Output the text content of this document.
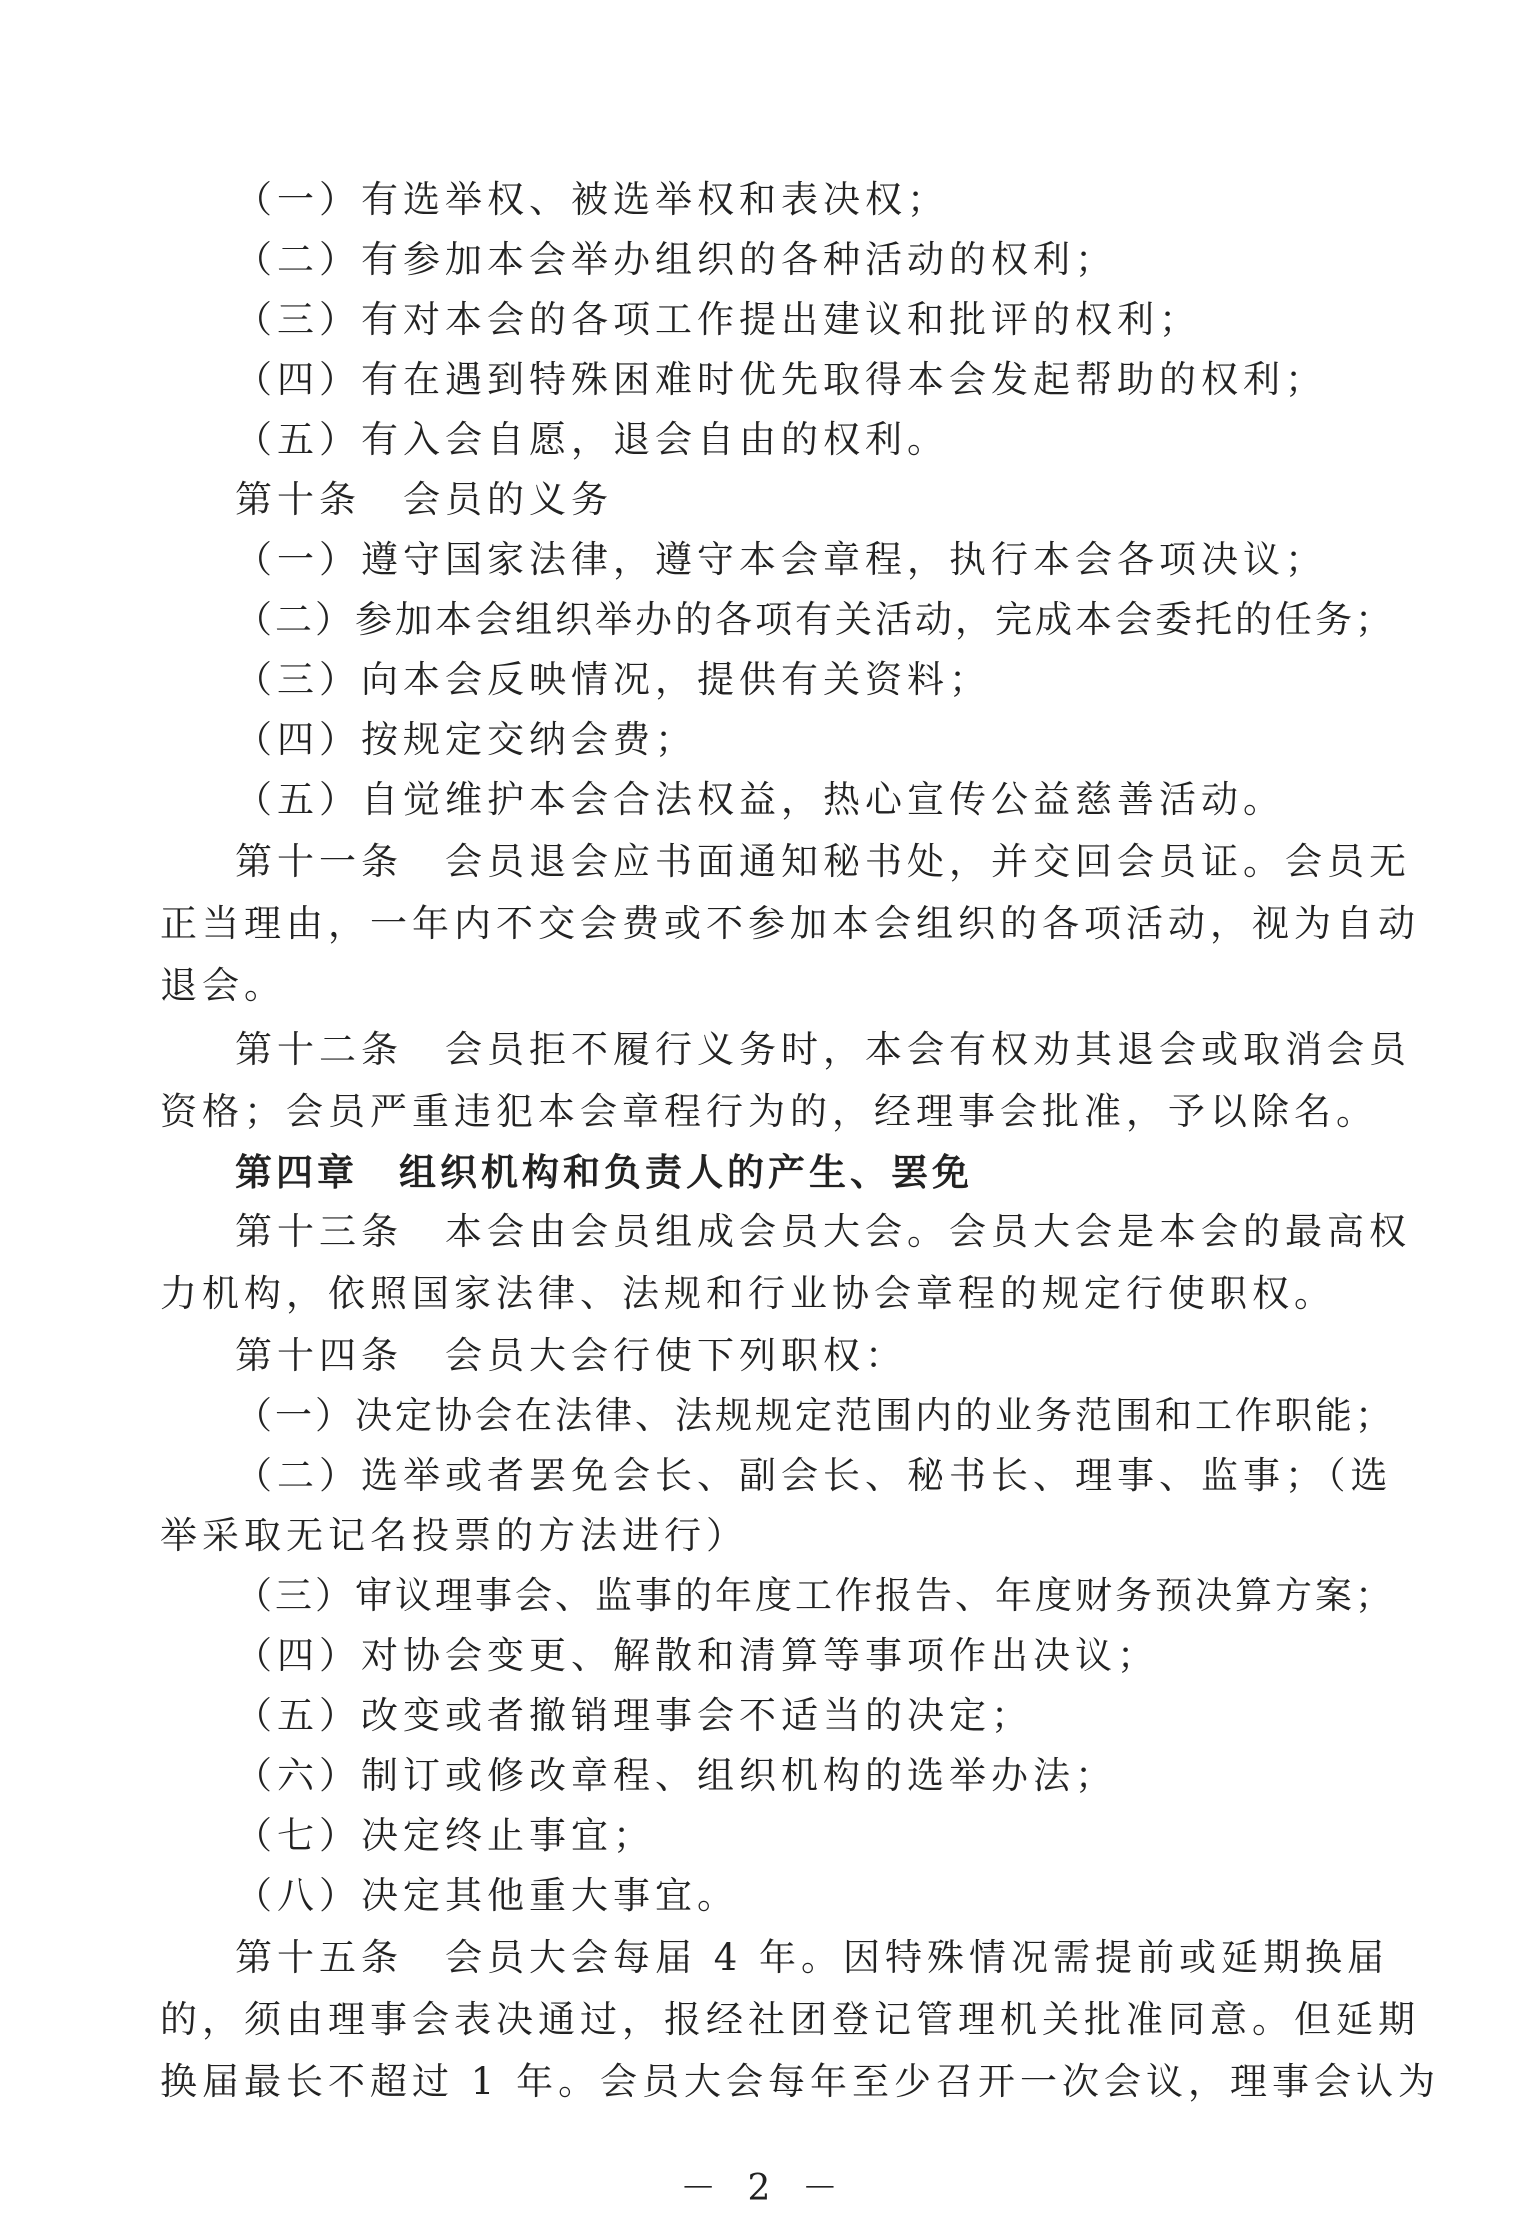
（一）有选举权、被选举权和表决权；
（二）有参加本会举办组织的各种活动的权利；
（三）有对本会的各项工作提出建议和批评的权利；
（四）有在遇到特殊困难时优先取得本会发起帮助的权利；
（五）有入会自愿，退会自由的权利。
第十条　会员的义务
（一）遵守国家法律，遵守本会章程，执行本会各项决议；
（二）参加本会组织举办的各项有关活动，完成本会委托的任务；
（三）向本会反映情况，提供有关资料；
（四）按规定交纳会费；
（五）自觉维护本会合法权益，热心宣传公益慈善活动。
第十一条　会员退会应书面通知秘书处，并交回会员证。会员无
正当理由，一年内不交会费或不参加本会组织的各项活动，视为自动
退会。
第十二条　会员拒不履行义务时，本会有权劝其退会或取消会员
资格；会员严重违犯本会章程行为的，经理事会批准，予以除名。
第四章　组织机构和负责人的产生、罢免
第十三条　本会由会员组成会员大会。会员大会是本会的最高权
力机构，依照国家法律、法规和行业协会章程的规定行使职权。
第十四条　会员大会行使下列职权：
（一）决定协会在法律、法规规定范围内的业务范围和工作职能；
（二）选举或者罢免会长、副会长、秘书长、理事、监事；（选
举采取无记名投票的方法进行）
（三）审议理事会、监事的年度工作报告、年度财务预决算方案；
（四）对协会变更、解散和清算等事项作出决议；
（五）改变或者撤销理事会不适当的决定；
（六）制订或修改章程、组织机构的选举办法；
（七）决定终止事宜；
（八）决定其他重大事宜。
第十五条　会员大会每届 4 年。因特殊情况需提前或延期换届
的，须由理事会表决通过，报经社团登记管理机关批准同意。但延期
换届最长不超过 1 年。会员大会每年至少召开一次会议，理事会认为
－ 2 －
